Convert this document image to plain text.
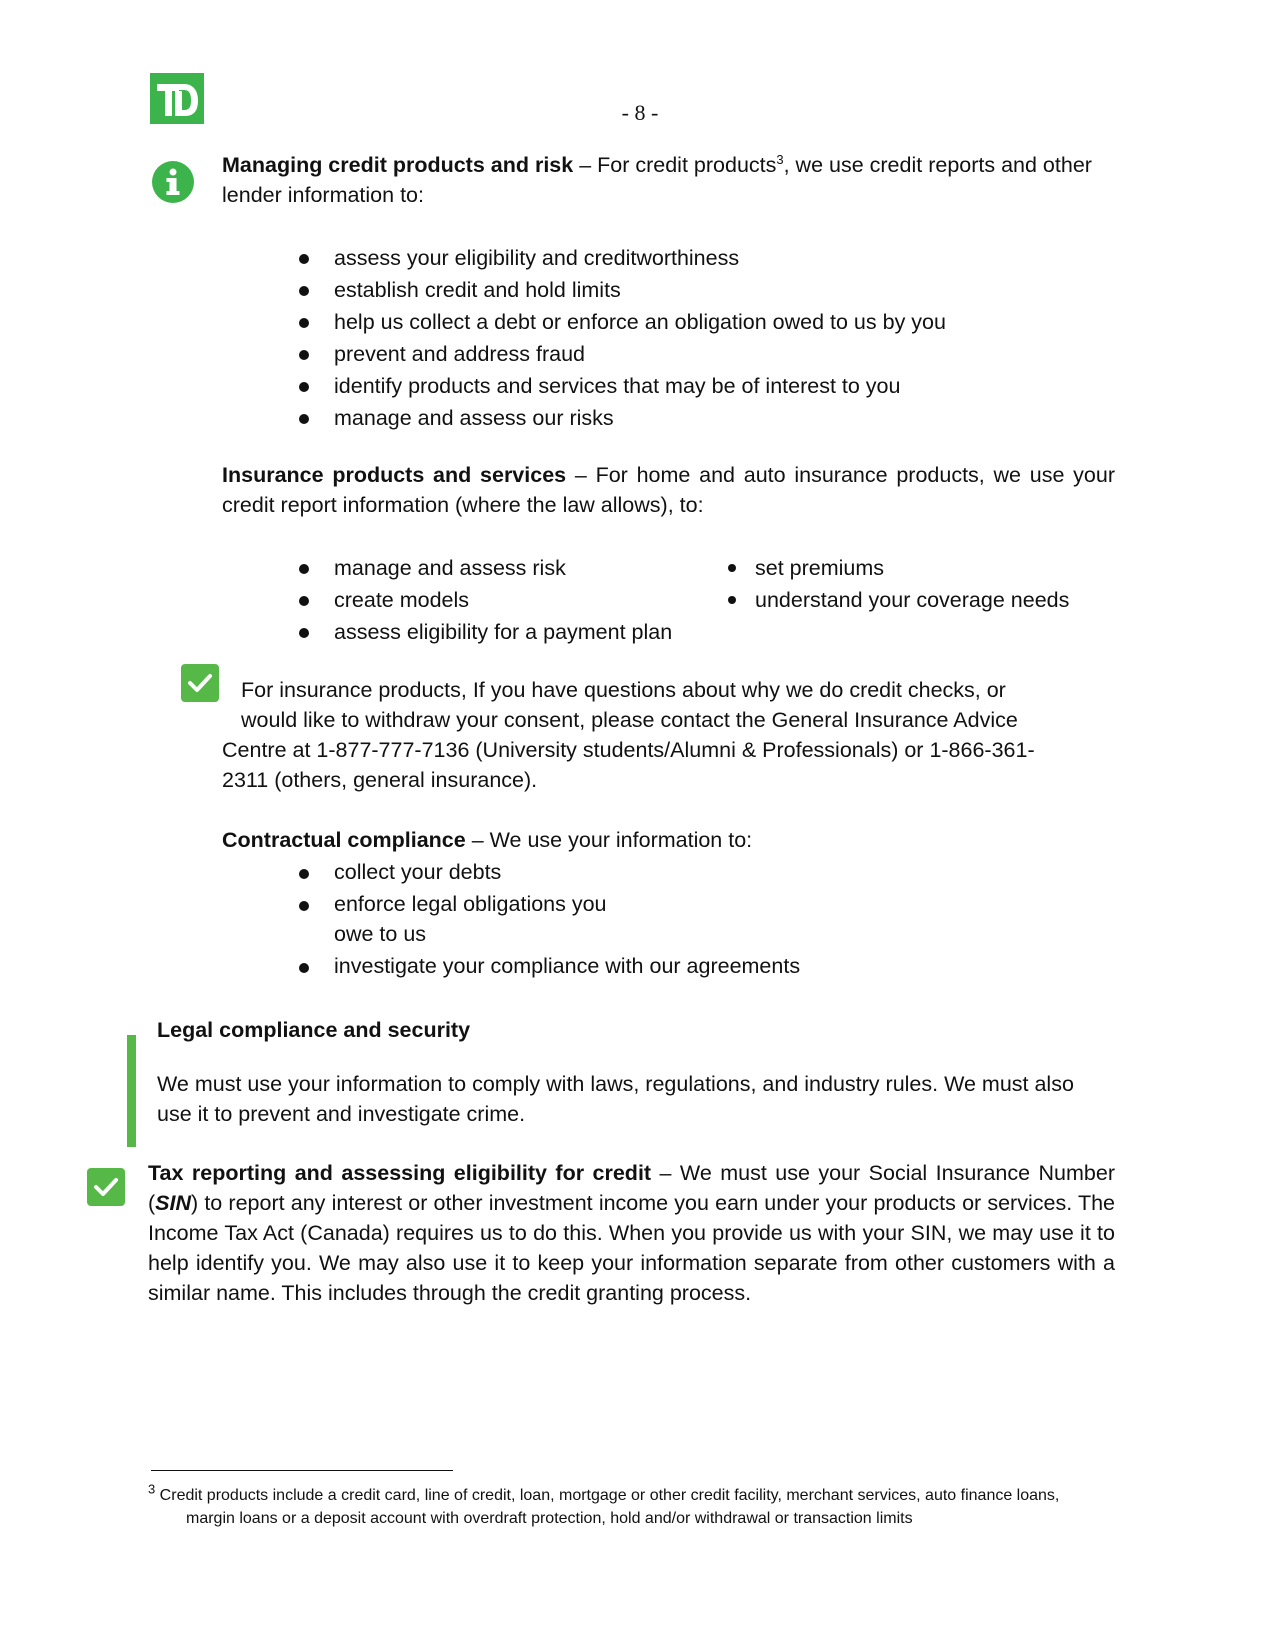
- 8 -
Managing credit products and risk – For credit products$^3$, we use credit reports and other lender information to:
assess your eligibility and creditworthiness
establish credit and hold limits
help us collect a debt or enforce an obligation owed to us by you
prevent and address fraud
identify products and services that may be of interest to you
manage and assess our risks
Insurance products and services – For home and auto insurance products, we use your credit report information (where the law allows), to:
manage and assess risk
create models
assess eligibility for a payment plan
set premiums
understand your coverage needs
For insurance products, If you have questions about why we do credit checks, or
would like to withdraw your consent, please contact the General Insurance Advice
Centre at 1-877-777-7136 (University students/Alumni & Professionals) or 1-866-361-
2311 (others, general insurance).
Contractual compliance – We use your information to:
collect your debts
enforce legal obligations you
owe to us
investigate your compliance with our agreements
Legal compliance and security
We must use your information to comply with laws, regulations, and industry rules. We must also use it to prevent and investigate crime.
Tax reporting and assessing eligibility for credit – We must use your Social Insurance Number (SIN) to report any interest or other investment income you earn under your products or services. The Income Tax Act (Canada) requires us to do this. When you provide us with your SIN, we may use it to help identify you. We may also use it to keep your information separate from other customers with a similar name. This includes through the credit granting process.
$^3$ Credit products include a credit card, line of credit, loan, mortgage or other credit facility, merchant services, auto finance loans,
margin loans or a deposit account with overdraft protection, hold and/or withdrawal or transaction limits
